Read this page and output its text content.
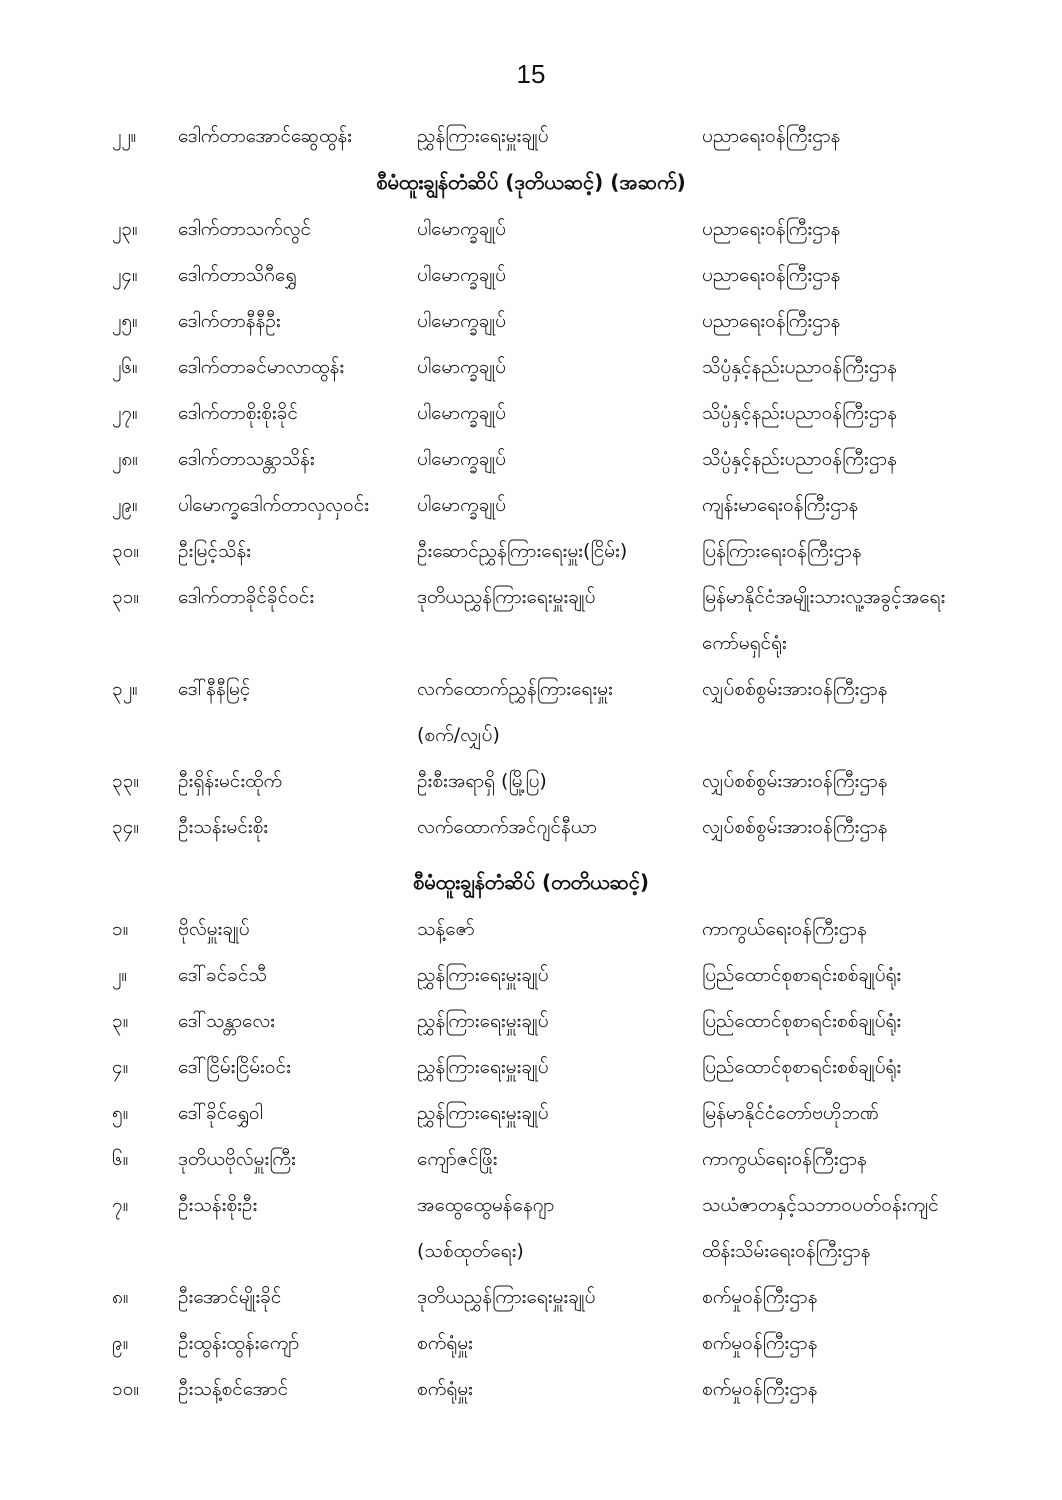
15
၂၂။	ဒေါက်တာအောင်ဆွေထွန်း	ညွှန်ကြားရေးမှူးချုပ်	ပညာရေးဝန်ကြီးဌာန
စီမံထူးချွန်တံဆိပ် (ဒုတိယဆင့်) (အဆက်)
၂၃။	ဒေါက်တာသက်လွင်	ပါမောက္ခချုပ်	ပညာရေးဝန်ကြီးဌာန
၂၄။	ဒေါက်တာသိဂီရွှေ	ပါမောက္ခချုပ်	ပညာရေးဝန်ကြီးဌာန
၂၅။	ဒေါက်တာနီနီဦး	ပါမောက္ခချုပ်	ပညာရေးဝန်ကြီးဌာန
၂၆။	ဒေါက်တာခင်မာလာထွန်း	ပါမောက္ခချုပ်	သိပ္ပံနှင့်နည်းပညာဝန်ကြီးဌာန
၂၇။	ဒေါက်တာစိုးစိုးခိုင်	ပါမောက္ခချုပ်	သိပ္ပံနှင့်နည်းပညာဝန်ကြီးဌာန
၂၈။	ဒေါက်တာသန္တာသိန်း	ပါမောက္ခချုပ်	သိပ္ပံနှင့်နည်းပညာဝန်ကြီးဌာန
၂၉။	ပါမောက္ခဒေါက်တာလှလှဝင်း	ပါမောက္ခချုပ်	ကျန်းမာရေးဝန်ကြီးဌာန
၃၀။	ဦးမြင့်သိန်း	ဦးဆောင်ညွှန်ကြားရေးမှူး(ငြိမ်း)	ပြန်ကြားရေးဝန်ကြီးဌာန
၃၁။	ဒေါက်တာခိုင်ခိုင်ဝင်း	ဒုတိယညွှန်ကြားရေးမှူးချုပ်	မြန်မာနိုင်ငံအမျိုးသားလူ့အခွင့်အရေး
ကော်မရှင်ရုံး
၃၂။	ဒေါ်နီနီမြင့်	လက်ထောက်ညွှန်ကြားရေးမှူး	လျှပ်စစ်စွမ်းအားဝန်ကြီးဌာန
(စက်/လျှပ်)
၃၃။	ဦးရှိန်းမင်းထိုက်	ဦးစီးအရာရှိ (မြို့ပြ)	လျှပ်စစ်စွမ်းအားဝန်ကြီးဌာန
၃၄။	ဦးသန်းမင်းစိုး	လက်ထောက်အင်ဂျင်နီယာ	လျှပ်စစ်စွမ်းအားဝန်ကြီးဌာန
စီမံထူးချွန်တံဆိပ် (တတိယဆင့်)
၁။	ဗိုလ်မှူးချုပ်	သန့်ဇော်	ကာကွယ်ရေးဝန်ကြီးဌာန
၂။	ဒေါ်ခင်ခင်သီ	ညွှန်ကြားရေးမှူးချုပ်	ပြည်ထောင်စုစာရင်းစစ်ချုပ်ရုံး
၃။	ဒေါ်သန္တာလေး	ညွှန်ကြားရေးမှူးချုပ်	ပြည်ထောင်စုစာရင်းစစ်ချုပ်ရုံး
၄။	ဒေါ်ငြိမ်းငြိမ်းဝင်း	ညွှန်ကြားရေးမှူးချုပ်	ပြည်ထောင်စုစာရင်းစစ်ချုပ်ရုံး
၅။	ဒေါ်ခိုင်ရွှေဝါ	ညွှန်ကြားရေးမှူးချုပ်	မြန်မာနိုင်ငံတော်ဗဟိုဘဏ်
၆။	ဒုတိယဗိုလ်မှူးကြီး	ကျော်ဇင်ဖြိုး	ကာကွယ်ရေးဝန်ကြီးဌာန
၇။	ဦးသန်းစိုးဦး	အထွေထွေမန်နေဂျာ	သယံဇာတနှင့်သဘာဝပတ်ဝန်းကျင်
(သစ်ထုတ်ရေး)	ထိန်းသိမ်းရေးဝန်ကြီးဌာန
၈။	ဦးအောင်မျိုးခိုင်	ဒုတိယညွှန်ကြားရေးမှူးချုပ်	စက်မှုဝန်ကြီးဌာန
၉။	ဦးထွန်းထွန်းကျော်	စက်ရုံမှူး	စက်မှုဝန်ကြီးဌာန
၁၀။	ဦးသန့်စင်အောင်	စက်ရုံမှူး	စက်မှုဝန်ကြီးဌာန
